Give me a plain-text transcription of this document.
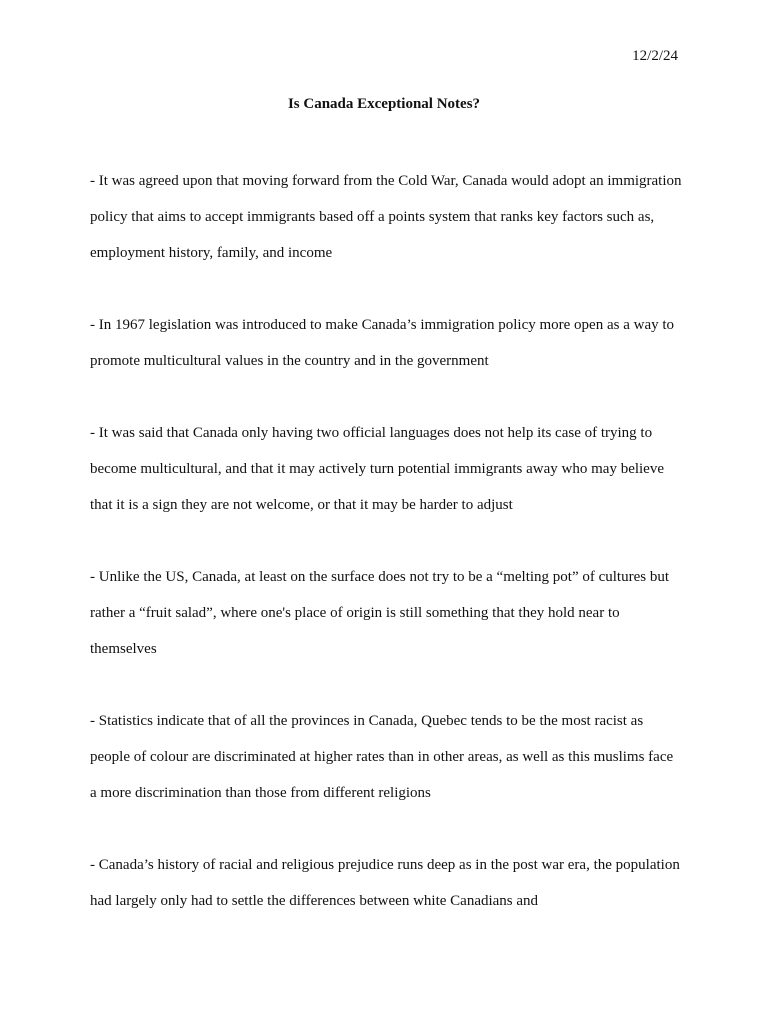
12/2/24
Is Canada Exceptional Notes?

- It was agreed upon that moving forward from the Cold War, Canada would adopt an immigration policy that aims to accept immigrants based off a points system that ranks key factors such as, employment history, family, and income

- In 1967 legislation was introduced to make Canada’s immigration policy more open as a way to promote multicultural values in the country and in the government

- It was said that Canada only having two official languages does not help its case of trying to become multicultural, and that it may actively turn potential immigrants away who may believe that it is a sign they are not welcome, or that it may be harder to adjust

- Unlike the US, Canada, at least on the surface does not try to be a “melting pot” of cultures but rather a “fruit salad”, where one's place of origin is still something that they hold near to themselves

- Statistics indicate that of all the provinces in Canada, Quebec tends to be the most racist as people of colour are discriminated at higher rates than in other areas, as well as this muslims face a more discrimination than those from different religions

- Canada’s history of racial and religious prejudice runs deep as in the post war era, the population had largely only had to settle the differences between white Canadians and
